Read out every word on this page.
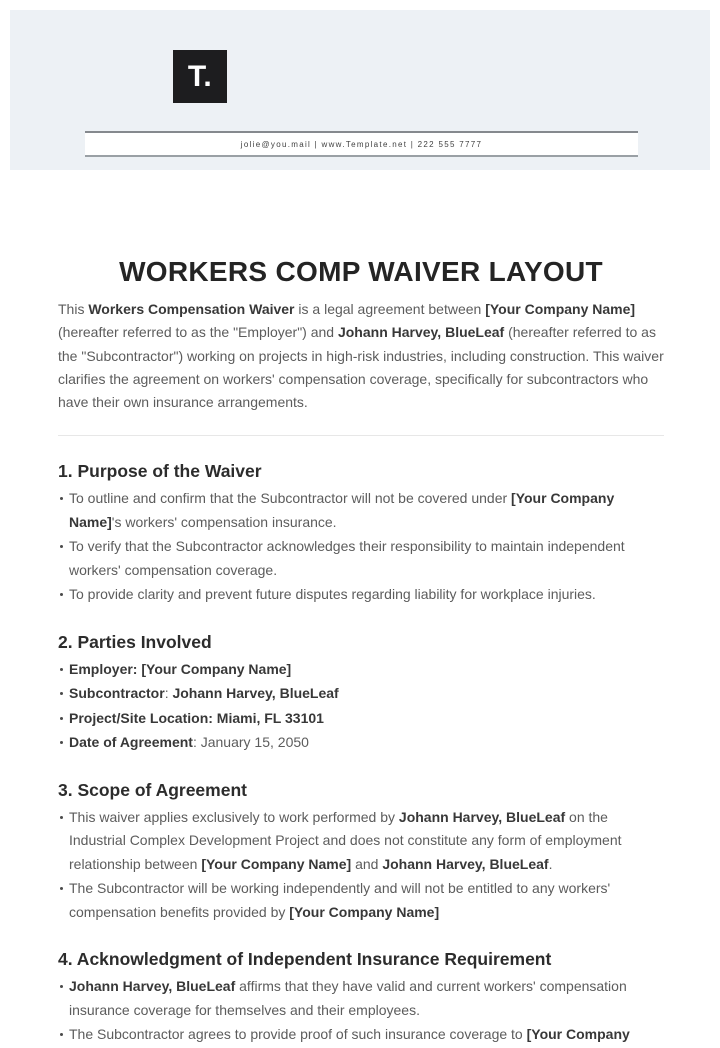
T.
jolie@you.mail | www.Template.net | 222 555 7777
WORKERS COMP WAIVER LAYOUT

This Workers Compensation Waiver is a legal agreement between [Your Company Name] (hereafter referred to as the "Employer") and Johann Harvey, BlueLeaf (hereafter referred to as the "Subcontractor") working on projects in high-risk industries, including construction. This waiver clarifies the agreement on workers' compensation coverage, specifically for subcontractors who have their own insurance arrangements.

1. Purpose of the Waiver
To outline and confirm that the Subcontractor will not be covered under [Your Company Name]'s workers' compensation insurance.
To verify that the Subcontractor acknowledges their responsibility to maintain independent workers' compensation coverage.
To provide clarity and prevent future disputes regarding liability for workplace injuries.
2. Parties Involved
Employer: [Your Company Name]
Subcontractor: Johann Harvey, BlueLeaf
Project/Site Location: Miami, FL 33101
Date of Agreement: January 15, 2050
3. Scope of Agreement
This waiver applies exclusively to work performed by Johann Harvey, BlueLeaf on the Industrial Complex Development Project and does not constitute any form of employment relationship between [Your Company Name] and Johann Harvey, BlueLeaf.
The Subcontractor will be working independently and will not be entitled to any workers' compensation benefits provided by [Your Company Name]
4. Acknowledgment of Independent Insurance Requirement
Johann Harvey, BlueLeaf affirms that they have valid and current workers' compensation insurance coverage for themselves and their employees.
The Subcontractor agrees to provide proof of such insurance coverage to [Your Company
